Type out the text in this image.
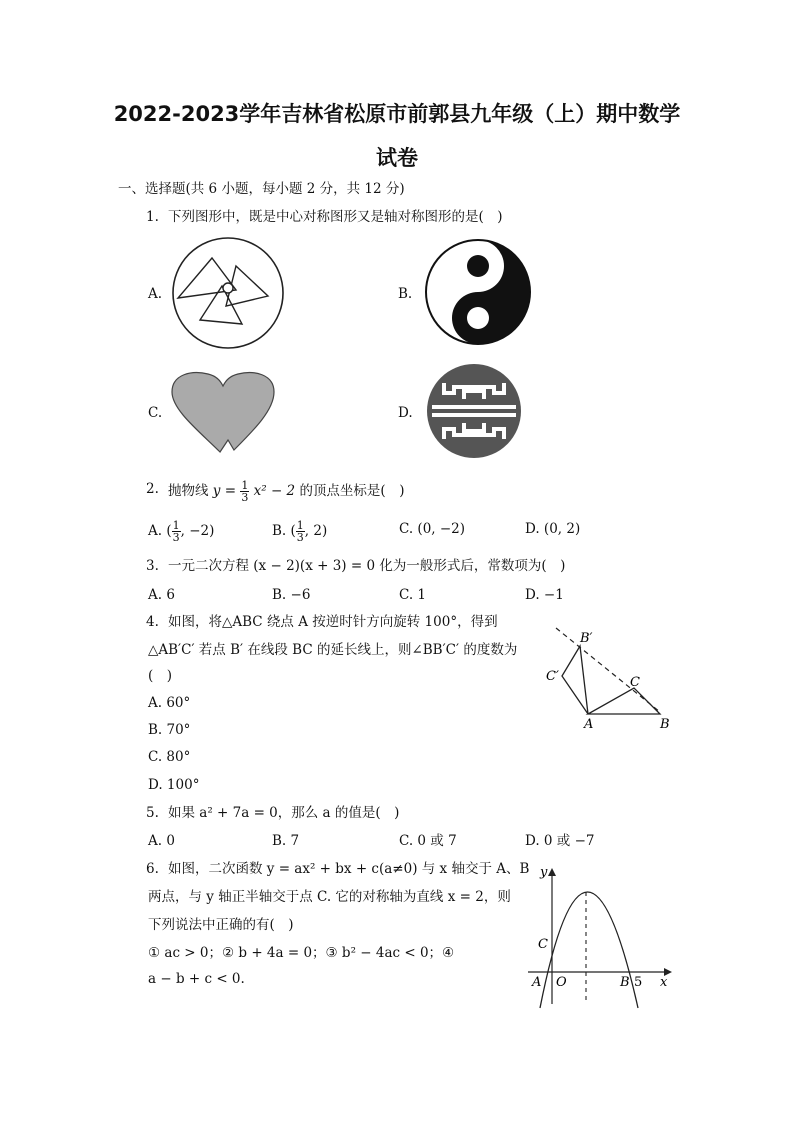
2022-2023学年吉林省松原市前郭县九年级（上）期中数学
试卷
一、选择题(共 6 小题，每小题 2 分，共 12 分)
1. 下列图形中，既是中心对称图形又是轴对称图形的是(　)
A.	B.
C.	D.
2. 抛物线 $y = \frac{1}{3} x^2 - 2$ 的顶点坐标是(　)
A. ( $\frac{1}{3}$ , −2)	B. ( $\frac{1}{3}$ , 2)	C. (0, −2)	D. (0, 2)
3. 一元二次方程 (x − 2)(x + 3) = 0 化为一般形式后，常数项为(　)
A. 6	B. −6	C. 1	D. −1
4. 如图，将△ABC 绕点 A 按逆时针方向旋转 100°，得到
△AB′C′ 若点 B′ 在线段 BC 的延长线上，则∠BB′C′ 的度数为
(　)
A. 60°
B. 70°
C. 80°
D. 100°
B′
C′	C
A	B
5. 如果 a² + 7a = 0，那么 a 的值是(　)
A. 0	B. 7	C. 0 或 7	D. 0 或 −7
6. 如图，二次函数 y = ax² + bx + c(a≠0) 与 x 轴交于 A、B
两点，与 y 轴正半轴交于点 C. 它的对称轴为直线 x = 2，则
下列说法中正确的有(　)
① ac > 0；② b + 4a = 0；③ b² − 4ac < 0；④
a − b + c < 0.
y
x
C
A O	B 5
